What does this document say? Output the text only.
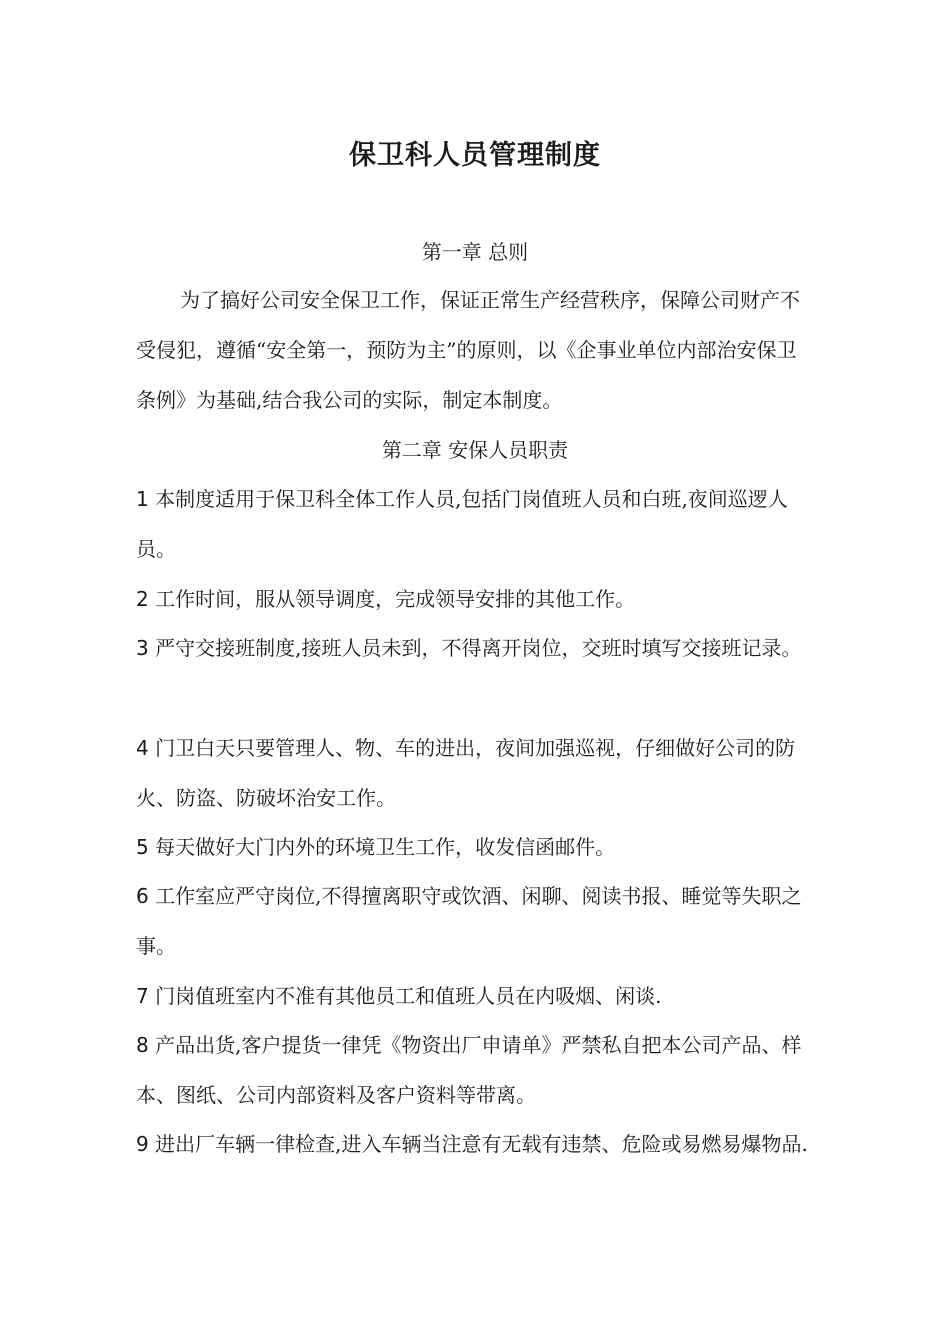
保卫科人员管理制度
第一章 总则
为了搞好公司安全保卫工作，保证正常生产经营秩序，保障公司财产不受侵犯，遵循“安全第一，预防为主”的原则，以《企事业单位内部治安保卫条例》为基础,结合我公司的实际，制定本制度。
第二章 安保人员职责
1 本制度适用于保卫科全体工作人员,包括门岗值班人员和白班,夜间巡逻人员。
2 工作时间，服从领导调度，完成领导安排的其他工作。
3 严守交接班制度,接班人员未到，不得离开岗位，交班时填写交接班记录。
4 门卫白天只要管理人、物、车的进出，夜间加强巡视，仔细做好公司的防火、防盗、防破坏治安工作。
5 每天做好大门内外的环境卫生工作，收发信函邮件。
6 工作室应严守岗位,不得擅离职守或饮酒、闲聊、阅读书报、睡觉等失职之事。
7 门岗值班室内不准有其他员工和值班人员在内吸烟、闲谈.
8 产品出货,客户提货一律凭《物资出厂申请单》严禁私自把本公司产品、样本、图纸、公司内部资料及客户资料等带离。
9 进出厂车辆一律检查,进入车辆当注意有无载有违禁、危险或易燃易爆物品.
